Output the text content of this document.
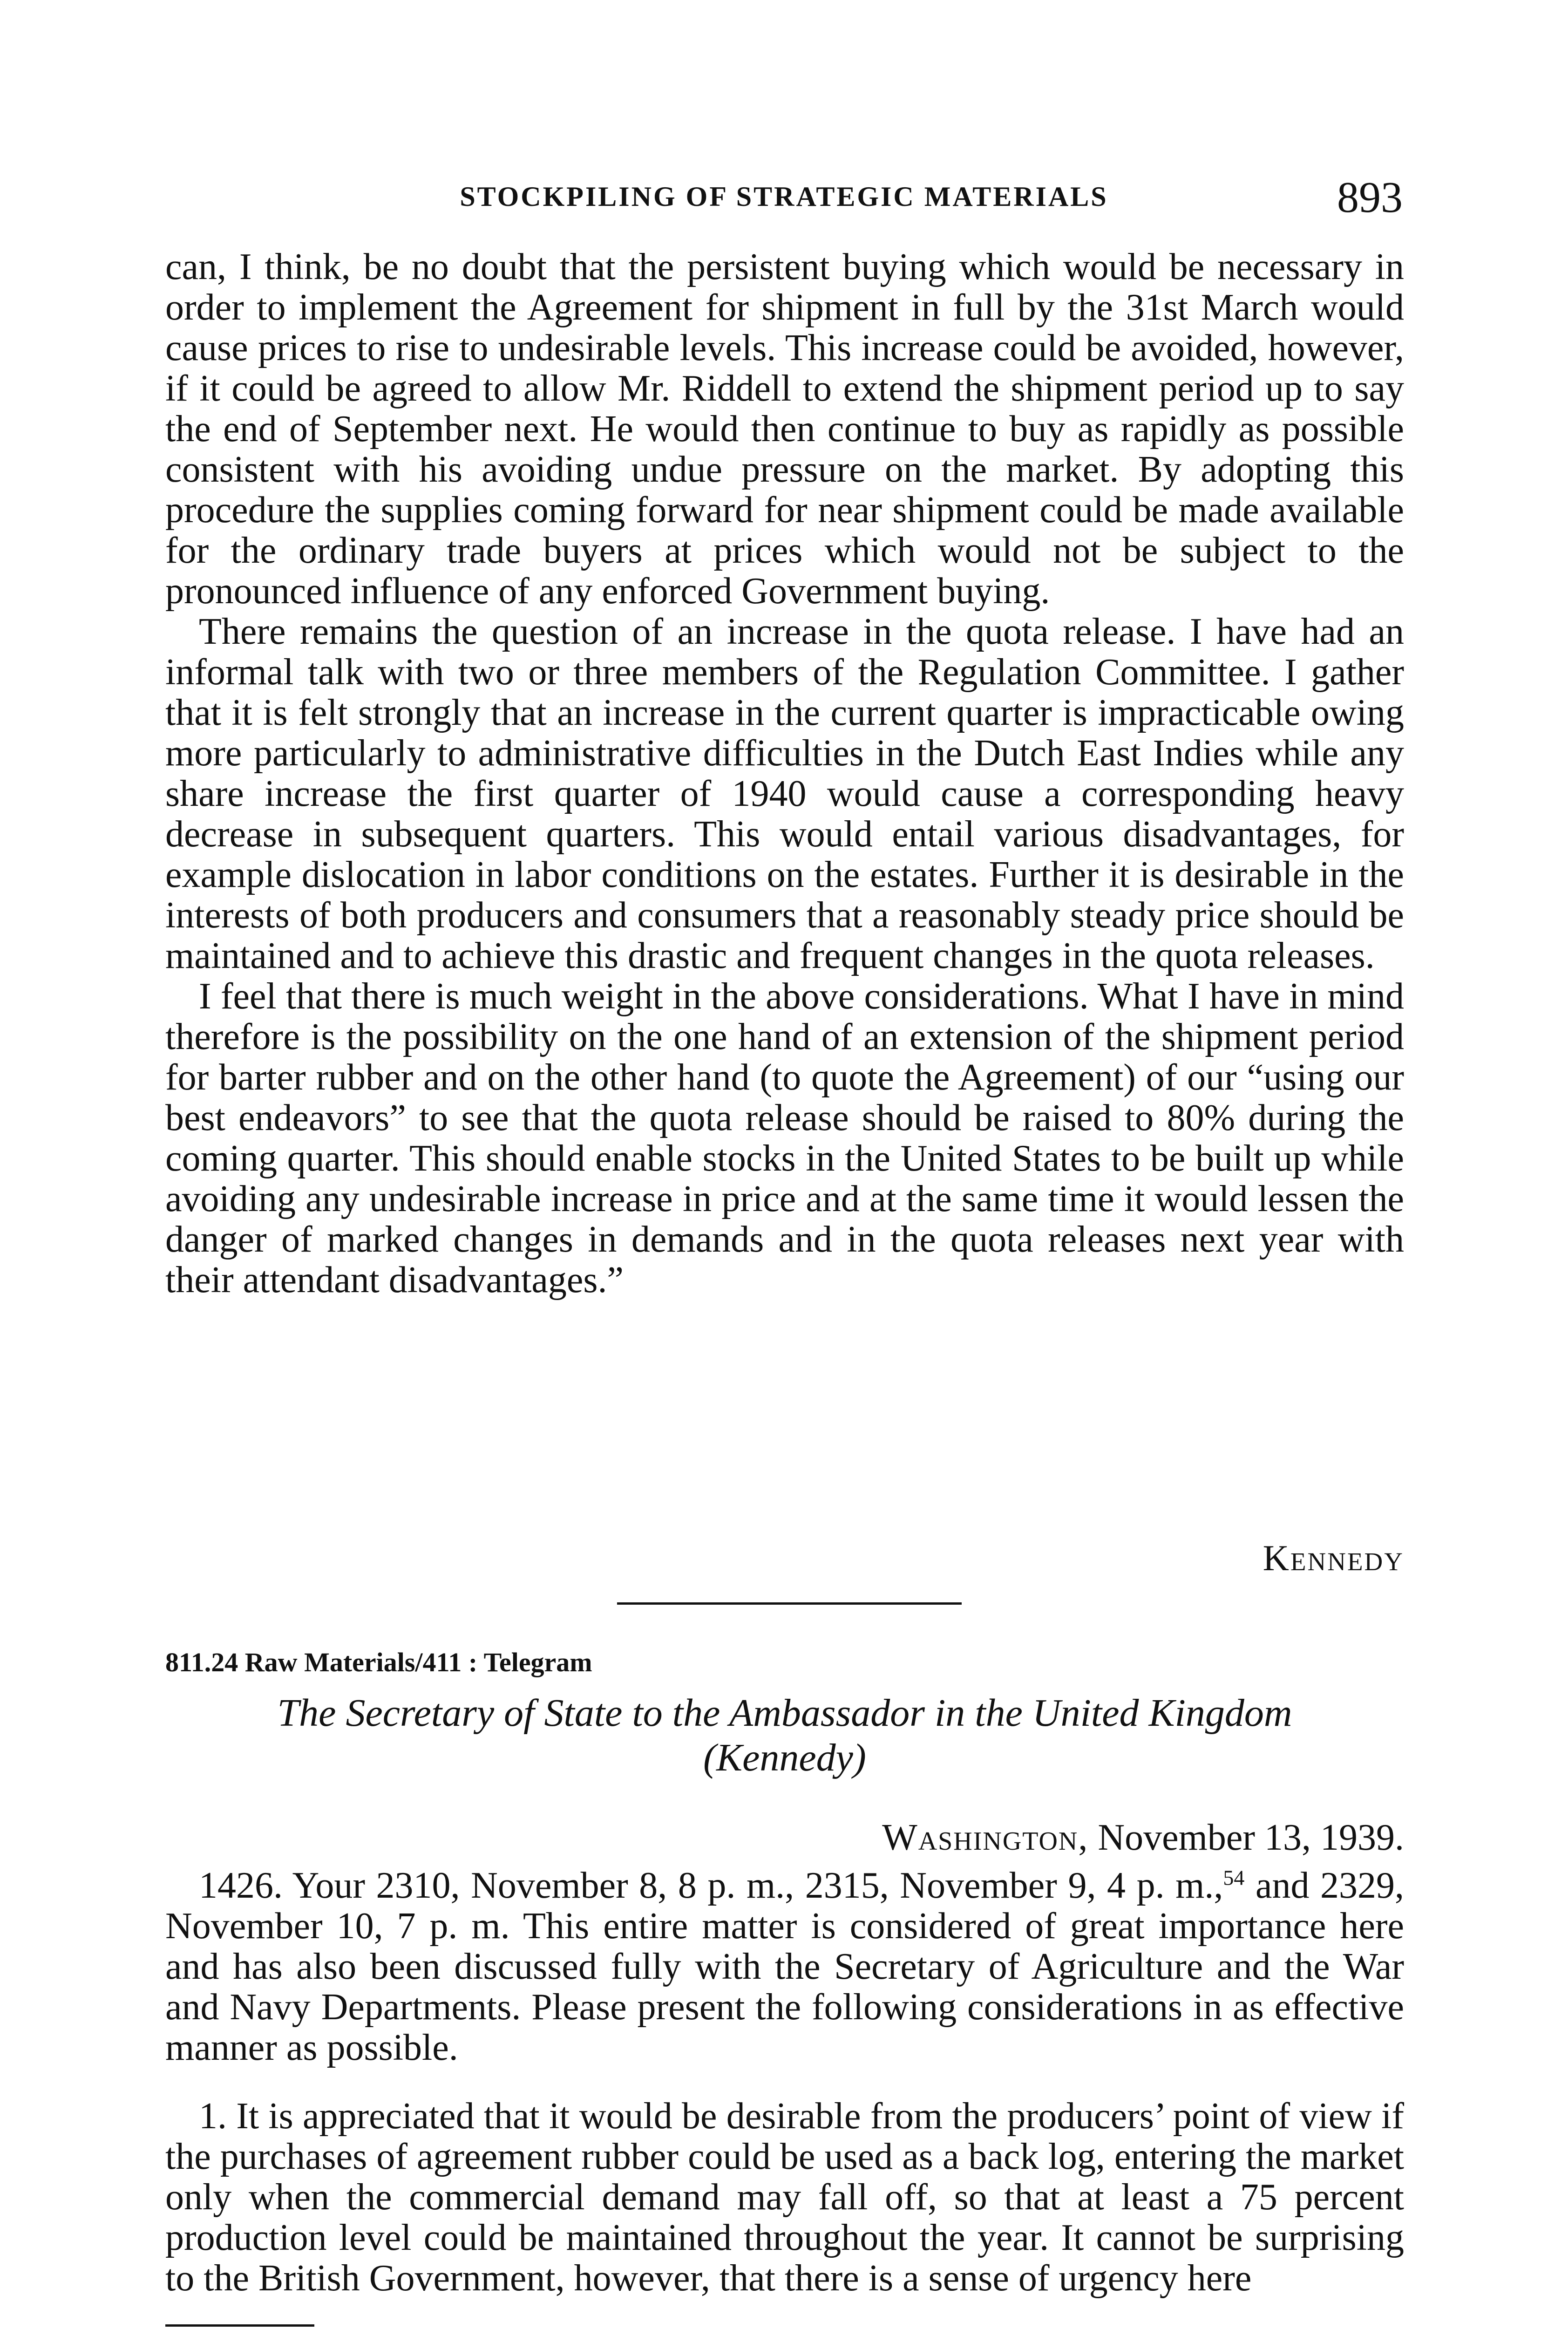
STOCKPILING OF STRATEGIC MATERIALS	893

can, I think, be no doubt that the persistent buying which would be necessary in order to implement the Agreement for shipment in full by the 31st March would cause prices to rise to undesirable levels. This increase could be avoided, however, if it could be agreed to allow Mr. Riddell to extend the shipment period up to say the end of September next. He would then continue to buy as rapidly as possible consistent with his avoiding undue pressure on the market. By adopting this procedure the supplies coming forward for near shipment could be made available for the ordinary trade buyers at prices which would not be subject to the pronounced influence of any enforced Government buying.

There remains the question of an increase in the quota release. I have had an informal talk with two or three members of the Regulation Committee. I gather that it is felt strongly that an increase in the current quarter is impracticable owing more particularly to administrative difficulties in the Dutch East Indies while any share increase the first quarter of 1940 would cause a corresponding heavy decrease in subsequent quarters. This would entail various disadvantages, for example dislocation in labor conditions on the estates. Further it is desirable in the interests of both producers and consumers that a reasonably steady price should be maintained and to achieve this drastic and frequent changes in the quota releases.

I feel that there is much weight in the above considerations. What I have in mind therefore is the possibility on the one hand of an extension of the shipment period for barter rubber and on the other hand (to quote the Agreement) of our “using our best endeavors” to see that the quota release should be raised to 80% during the coming quarter. This should enable stocks in the United States to be built up while avoiding any undesirable increase in price and at the same time it would lessen the danger of marked changes in demands and in the quota releases next year with their attendant disadvantages.”

Kennedy
811.24 Raw Materials/411 : Telegram
The Secretary of State to the Ambassador in the United Kingdom
(Kennedy)
Washington, November 13, 1939.

1426. Your 2310, November 8, 8 p. m., 2315, November 9, 4 p. m.,$^{54}$ and 2329, November 10, 7 p. m. This entire matter is considered of great importance here and has also been discussed fully with the Secretary of Agriculture and the War and Navy Departments. Please present the following considerations in as effective manner as possible.

1. It is appreciated that it would be desirable from the producers’ point of view if the purchases of agreement rubber could be used as a back log, entering the market only when the commercial demand may fall off, so that at least a 75 percent production level could be maintained throughout the year. It cannot be surprising to the British Government, however, that there is a sense of urgency here
